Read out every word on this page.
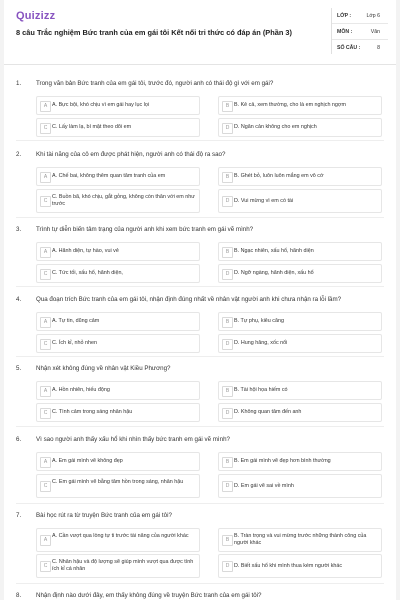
Quizizz
8 câu Trắc nghiệm Bức tranh của em gái tôi Kết nối tri thức có đáp án (Phần 3)
LỚP :	Lớp 6
MÔN :	Văn
SỐ CÂU :	8
1. Trong văn bản Bức tranh của em gái tôi, trước đó, người anh có thái độ gì với em gái?
A A. Bực bội, khó chịu vì em gái hay lục lọi	B B. Kẻ cả, xem thường, cho là em nghịch ngợm
C C. Lấy làm lạ, bí mật theo dõi em	D D. Ngăn cản không cho em nghịch
2. Khi tài năng của cô em được phát hiện, người anh có thái độ ra sao?
A A. Chế bai, không thêm quan tâm tranh của em	B B. Ghét bỏ, luôn luôn mắng em vô cớ
C
C. Buồn bã, khó chịu, gắt gỏng, không còn thân với em như trước	D D. Vui mừng vì em có tài
3. Trình tự diễn biến tâm trạng của người anh khi xem bức tranh em gái vẽ mình?
A A. Hãnh diện, tự hào, vui vẻ	B B. Ngạc nhiên, xấu hổ, hãnh diện
C C. Tức tối, xấu hổ, hãnh diện,	D D. Ngỡ ngàng, hãnh diện, xấu hổ
4. Qua đoạn trích Bức tranh của em gái tôi, nhận định đúng nhất về nhân vật người anh khi chưa nhận ra lỗi lầm?
A A. Tự tin, dũng cảm	B B. Tự phụ, kiêu căng
C C. Ích kỉ, nhỏ nhen	D D. Hung hăng, xốc nổi
5. Nhận xét không đúng về nhân vật Kiều Phương?
A A. Hồn nhiên, hiếu động	B B. Tài hội họa hiếm có
C C. Tình cảm trong sáng nhân hậu	D D. Không quan tâm đến anh
6. Vì sao người anh thấy xấu hổ khi nhìn thấy bức tranh em gái vẽ mình?
A A. Em gái mình vẽ không đẹp	B B. Em gái mình vẽ đẹp hơn bình thường
C
C. Em gái mình vẽ bằng tâm hồn trong sáng, nhân hậu
D D. Em gái vẽ sai về mình
7. Bài học rút ra từ truyện Bức tranh của em gái tôi?
A
A. Cần vượt qua lòng tự ti trước tài năng của người khác
B
B. Tràn trọng và vui mừng trước những thành công của người khác
C
C. Nhân hậu và độ lượng sẽ giúp mình vượt qua được tính ích kỉ cá nhân	D D. Biết xấu hổ khi mình thua kém người khác
8. Nhận định nào dưới đây, em thấy không đúng về truyện Bức tranh của em gái tôi?
